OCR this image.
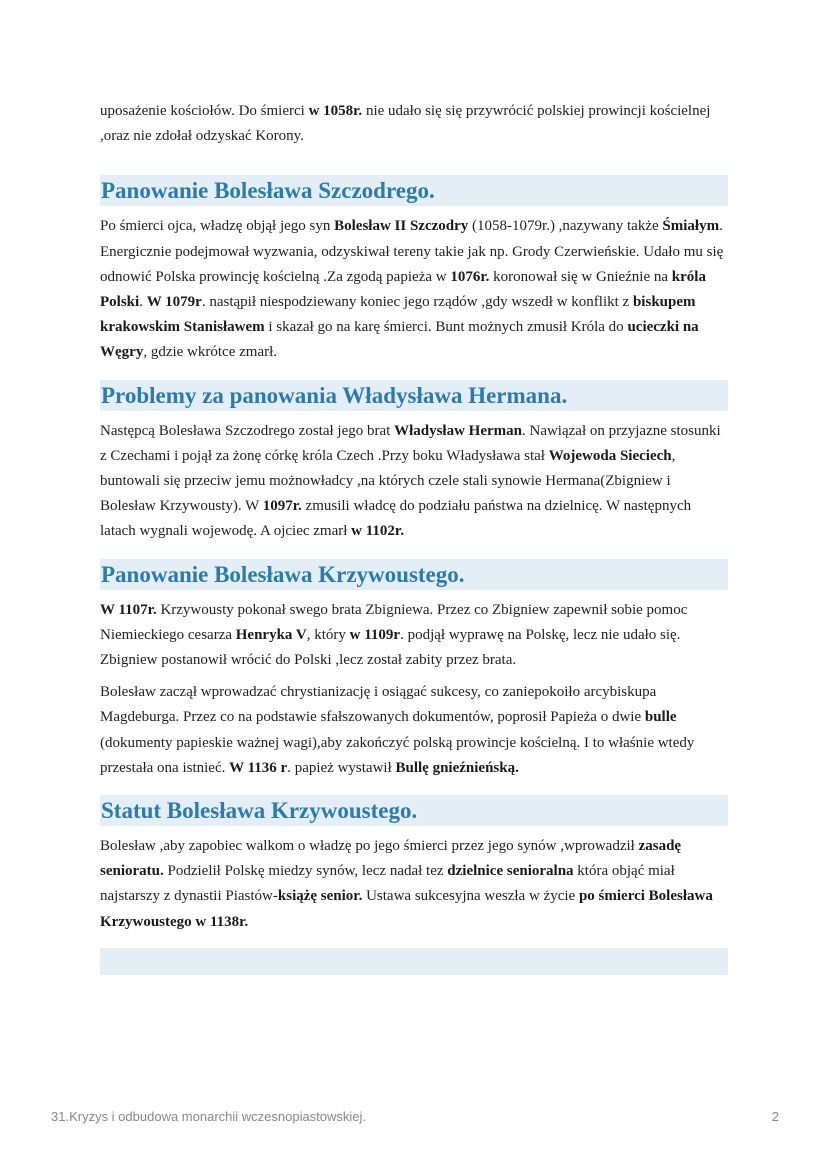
uposażenie kościołów. Do śmierci w 1058r. nie udało się się przywrócić polskiej prowincji kościelnej ,oraz nie zdołał odzyskać Korony.

Panowanie Bolesława Szczodrego.

Po śmierci ojca, władzę objął jego syn Bolesław II Szczodry (1058-1079r.) ,nazywany także Śmiałym. Energicznie podejmował wyzwania, odzyskiwał tereny takie jak np. Grody Czerwieńskie. Udało mu się odnowić Polska prowincję kościelną .Za zgodą papieża w 1076r. koronował się w Gnieźnie na króla Polski. W 1079r. nastąpił niespodziewany koniec jego rządów ,gdy wszedł w konflikt z biskupem krakowskim Stanisławem i skazał go na karę śmierci. Bunt możnych zmusił Króla do ucieczki na Węgry, gdzie wkrótce zmarł.

Problemy za panowania Władysława Hermana.

Następcą Bolesława Szczodrego został jego brat Władysław Herman. Nawiązał on przyjazne stosunki z Czechami i pojął za żonę córkę króla Czech .Przy boku Władysława stał Wojewoda Sieciech, buntowali się przeciw jemu możnowładcy ,na których czele stali synowie Hermana(Zbigniew i Bolesław Krzywousty). W 1097r. zmusili władcę do podziału państwa na dzielnicę. W następnych latach wygnali wojewodę. A ojciec zmarł w 1102r.

Panowanie Bolesława Krzywoustego.

W 1107r. Krzywousty pokonał swego brata Zbigniewa. Przez co Zbigniew zapewnił sobie pomoc Niemieckiego cesarza Henryka V, który w 1109r. podjął wyprawę na Polskę, lecz nie udało się. Zbigniew postanowił wrócić do Polski ,lecz został zabity przez brata.

Bolesław zaczął wprowadzać chrystianizację i osiągać sukcesy, co zaniepokoiło arcybiskupa Magdeburga. Przez co na podstawie sfałszowanych dokumentów, poprosił Papieża o dwie bulle (dokumenty papieskie ważnej wagi),aby zakończyć polską prowincje kościelną. I to właśnie wtedy przestała ona istnieć. W 1136 r. papież wystawił Bullę gnieźnieńską.

Statut Bolesława Krzywoustego.

Bolesław ,aby zapobiec walkom o władzę po jego śmierci przez jego synów ,wprowadził zasadę senioratu. Podzielił Polskę miedzy synów, lecz nadał tez dzielnice senioralna która objąć miał najstarszy z dynastii Piastów-książę senior. Ustawa sukcesyjna weszła w życie po śmierci Bolesława Krzywoustego w 1138r.

31.Kryzys i odbudowa monarchii wczesnopiastowskiej.	2
